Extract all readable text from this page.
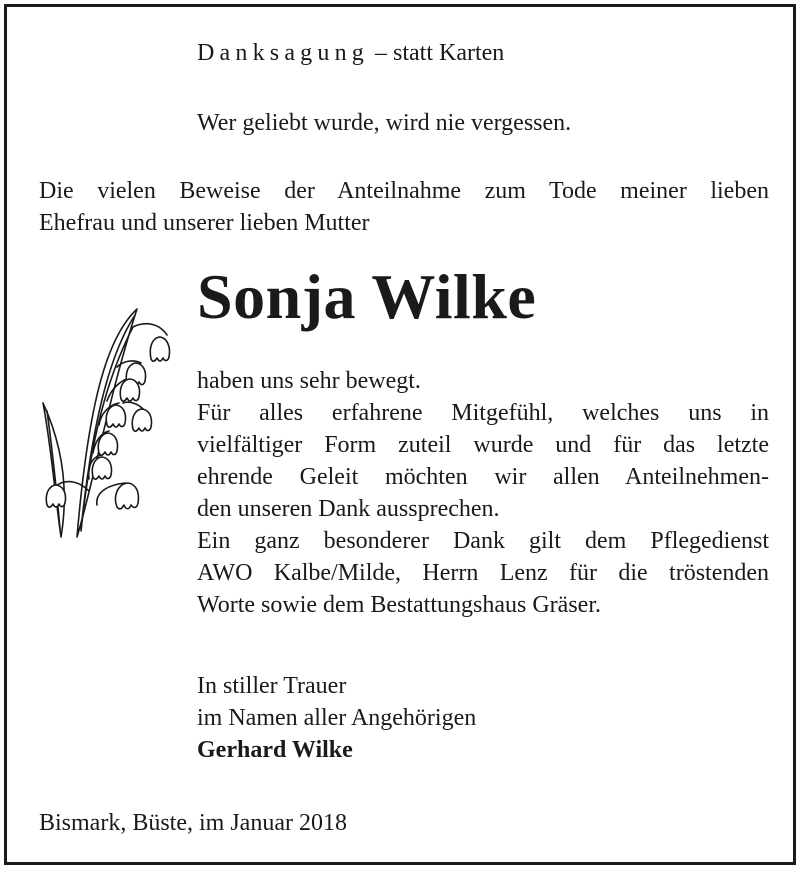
Danksagung – statt Karten

Wer geliebt wurde, wird nie vergessen.

Die vielen Beweise der Anteilnahme zum Tode meiner lieben
Ehefrau und unserer lieben Mutter

Sonja Wilke

haben uns sehr bewegt.
Für alles erfahrene Mitgefühl, welches uns in
vielfältiger Form zuteil wurde und für das letzte
ehrende Geleit möchten wir allen Anteilnehmen-
den unseren Dank aussprechen.
Ein ganz besonderer Dank gilt dem Pflegedienst
AWO Kalbe/Milde, Herrn Lenz für die tröstenden
Worte sowie dem Bestattungshaus Gräser.
In stiller Trauer
im Namen aller Angehörigen
Gerhard Wilke

Bismark, Büste, im Januar 2018
